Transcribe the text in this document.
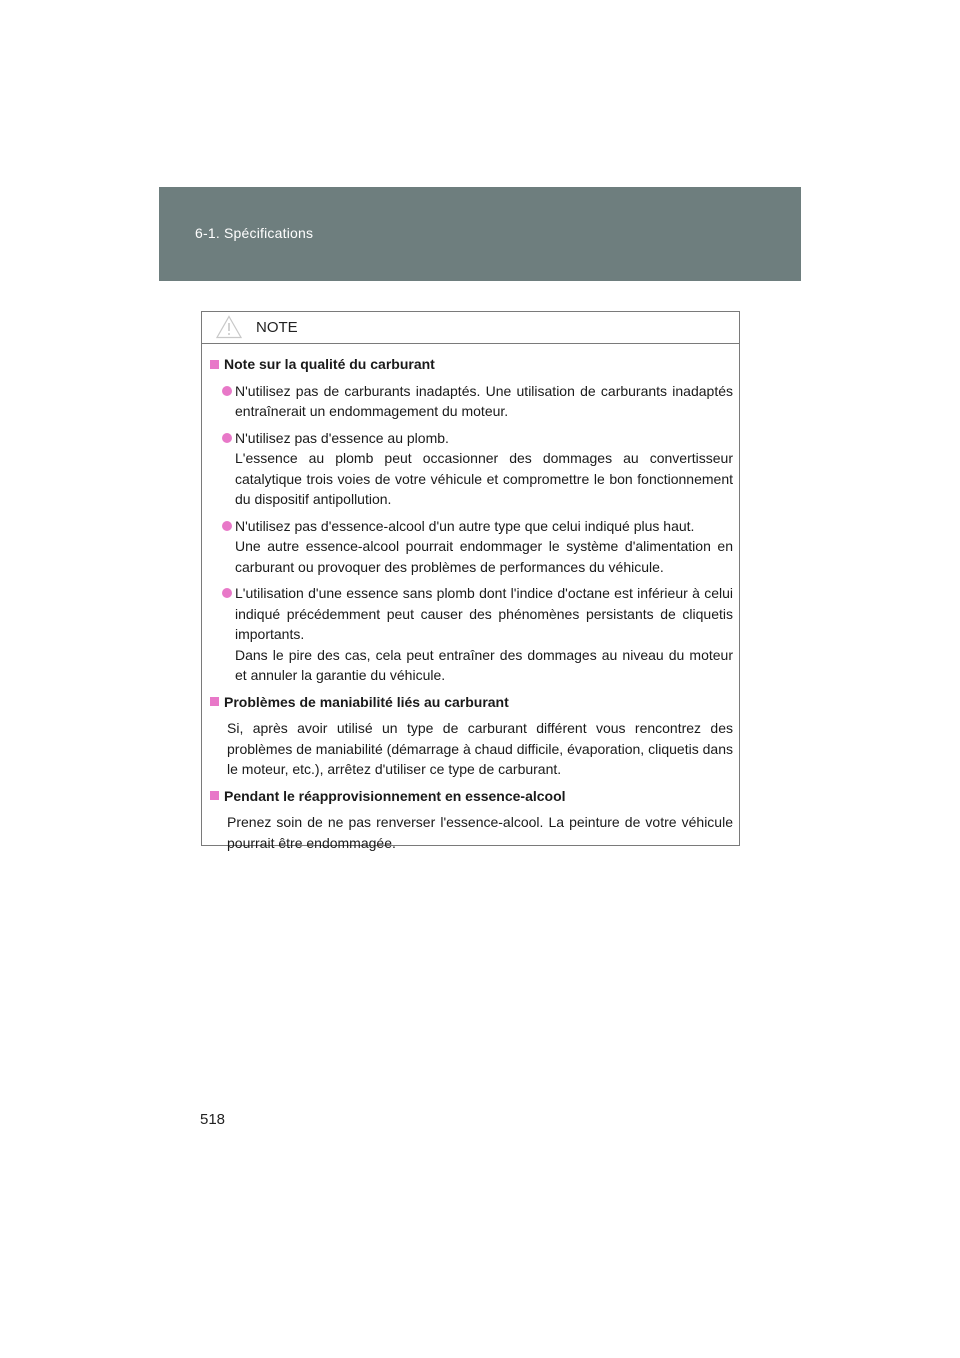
6-1. Spécifications
NOTE
Note sur la qualité du carburant
N'utilisez pas de carburants inadaptés. Une utilisation de carburants inadaptés entraînerait un endommagement du moteur.
N'utilisez pas d'essence au plomb.
L'essence au plomb peut occasionner des dommages au convertisseur catalytique trois voies de votre véhicule et compromettre le bon fonctionnement du dispositif antipollution.
N'utilisez pas d'essence-alcool d'un autre type que celui indiqué plus haut.
Une autre essence-alcool pourrait endommager le système d'alimentation en carburant ou provoquer des problèmes de performances du véhicule.
L'utilisation d'une essence sans plomb dont l'indice d'octane est inférieur à celui indiqué précédemment peut causer des phénomènes persistants de cliquetis importants.
Dans le pire des cas, cela peut entraîner des dommages au niveau du moteur et annuler la garantie du véhicule.
Problèmes de maniabilité liés au carburant
Si, après avoir utilisé un type de carburant différent vous rencontrez des problèmes de maniabilité (démarrage à chaud difficile, évaporation, cliquetis dans le moteur, etc.), arrêtez d'utiliser ce type de carburant.
Pendant le réapprovisionnement en essence-alcool
Prenez soin de ne pas renverser l'essence-alcool. La peinture de votre véhicule pourrait être endommagée.
518
